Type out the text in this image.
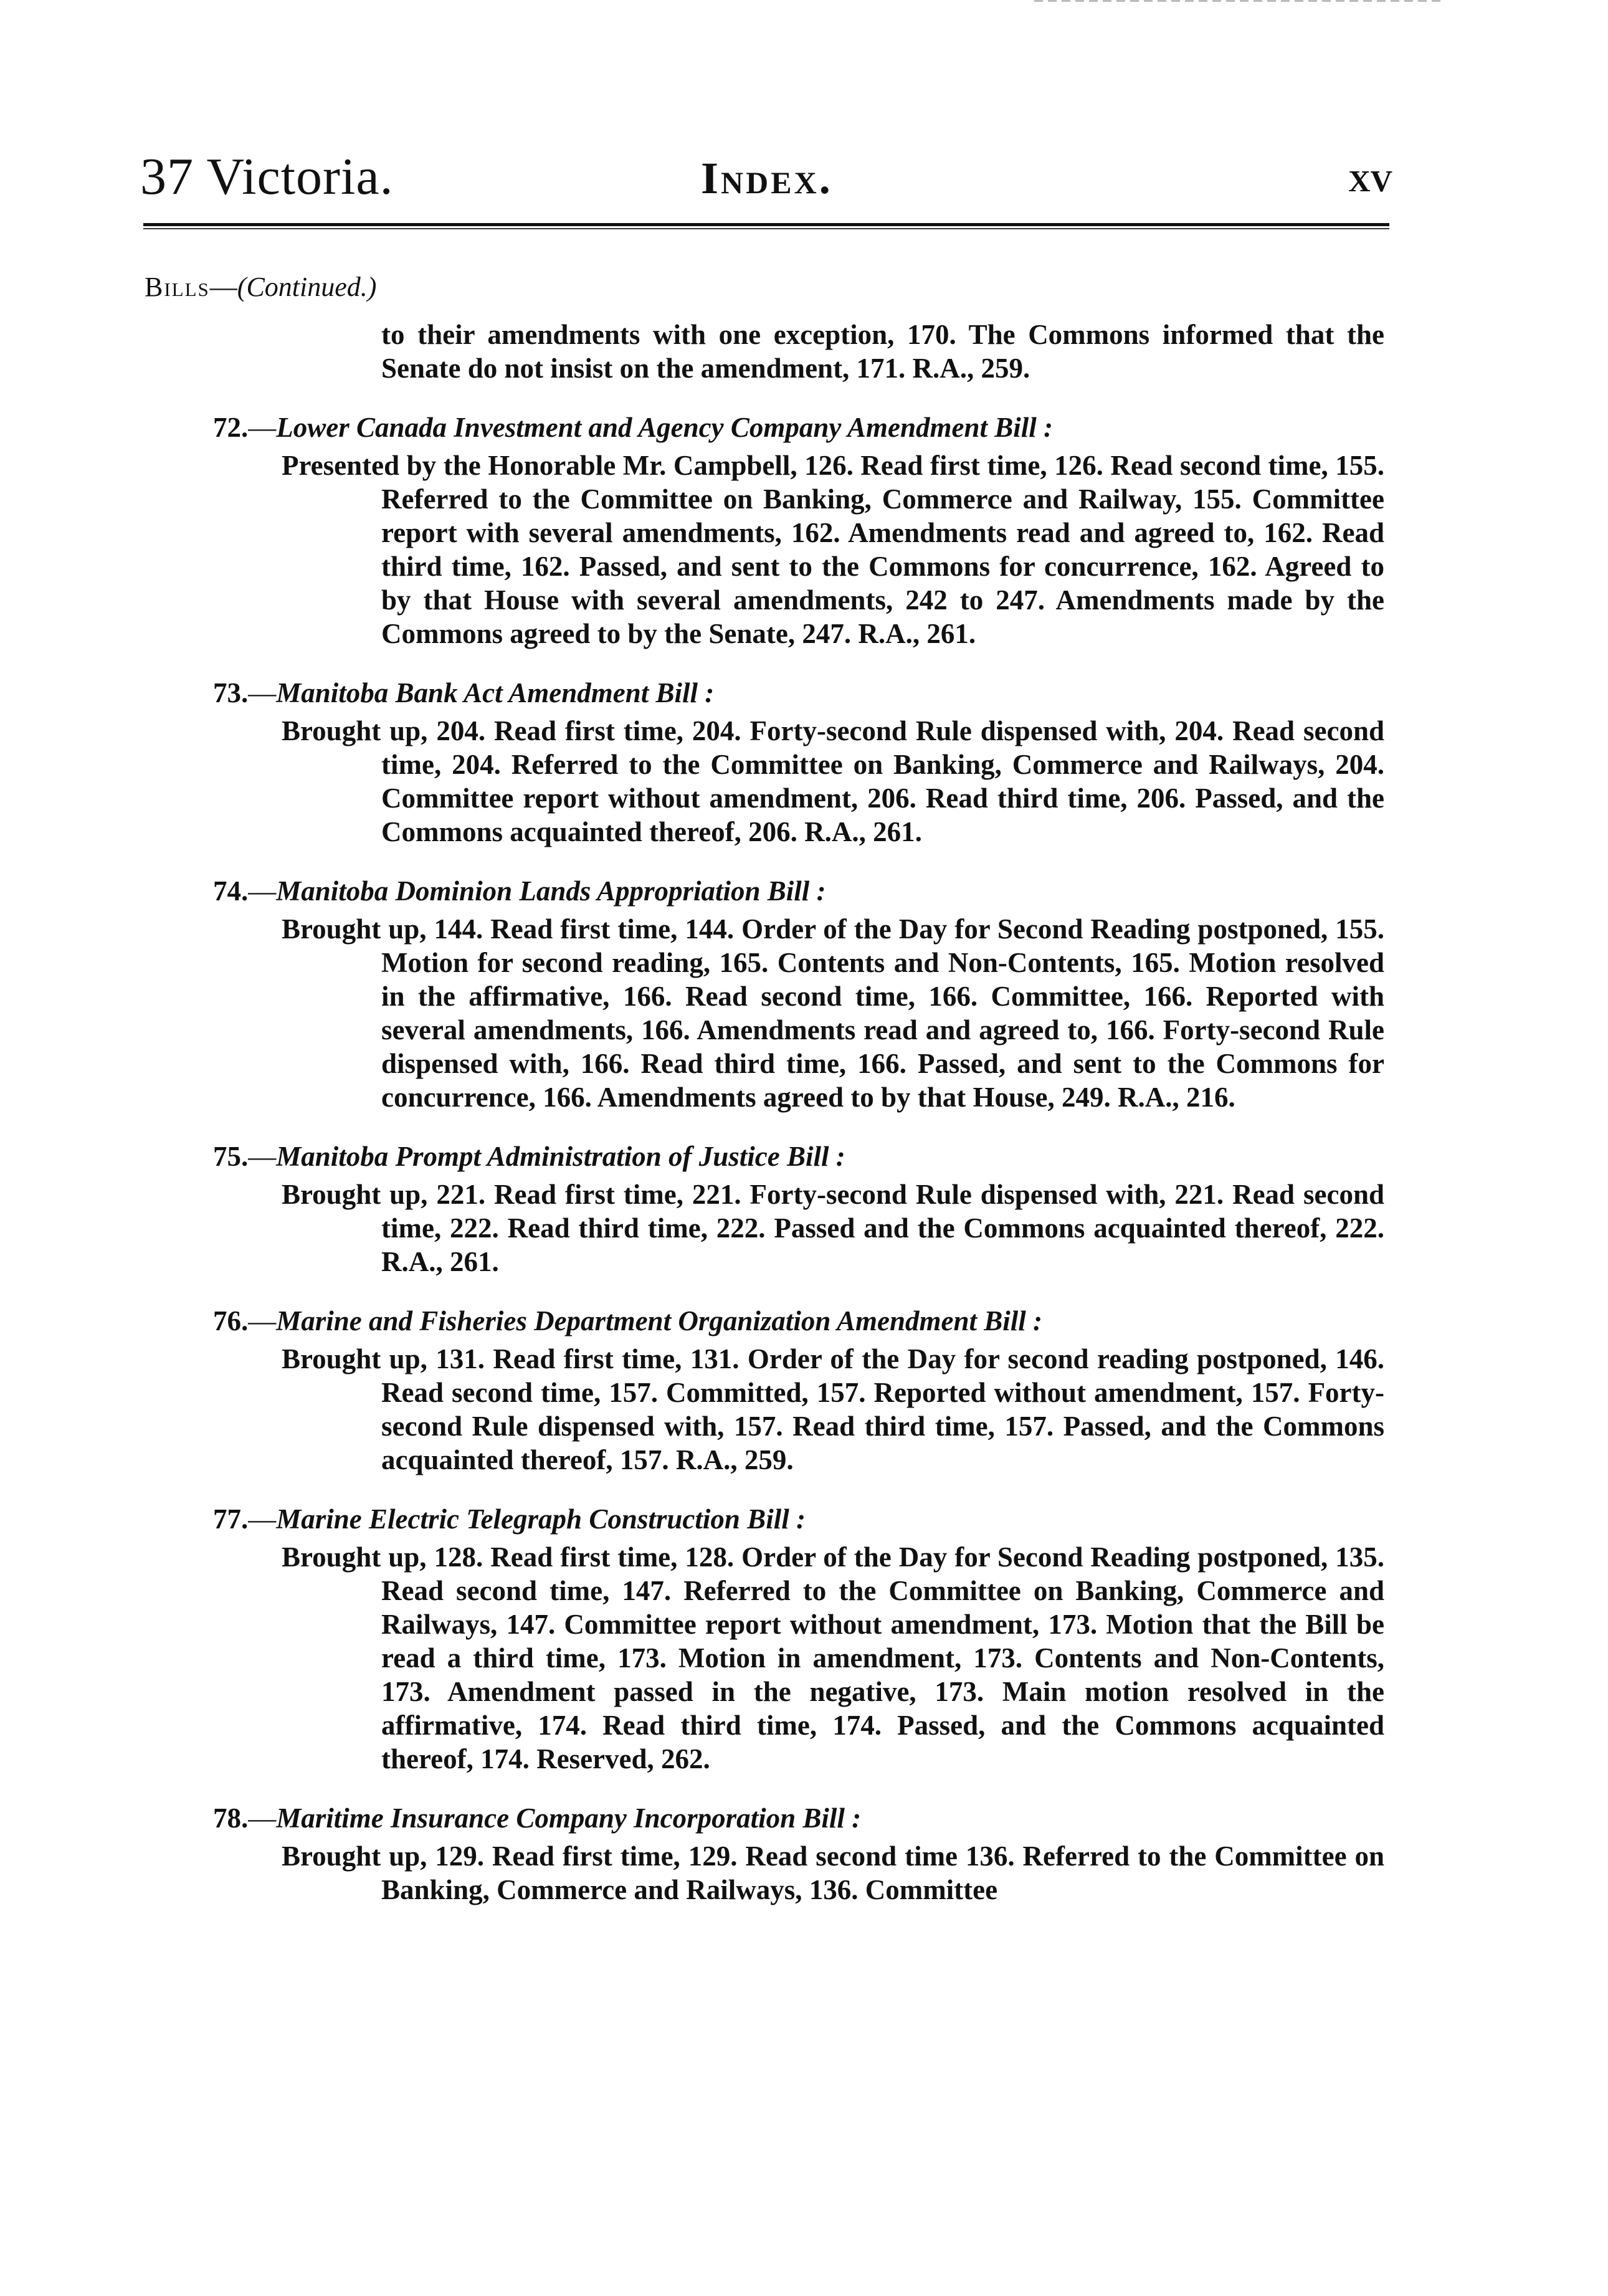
37 Victoria.	Index.	xv
Bills—(Continued.)
to their amendments with one exception, 170. The Commons informed that the Senate do not insist on the amendment, 171. R.A., 259.
72.—Lower Canada Investment and Agency Company Amendment Bill :
Presented by the Honorable Mr. Campbell, 126. Read first time, 126. Read second time, 155. Referred to the Committee on Banking, Commerce and Railway, 155. Committee report with several amendments, 162. Amendments read and agreed to, 162. Read third time, 162. Passed, and sent to the Commons for concurrence, 162. Agreed to by that House with several amendments, 242 to 247. Amendments made by the Commons agreed to by the Senate, 247. R.A., 261.
73.—Manitoba Bank Act Amendment Bill :
Brought up, 204. Read first time, 204. Forty-second Rule dispensed with, 204. Read second time, 204. Referred to the Committee on Banking, Commerce and Railways, 204. Committee report without amendment, 206. Read third time, 206. Passed, and the Commons acquainted thereof, 206. R.A., 261.
74.—Manitoba Dominion Lands Appropriation Bill :
Brought up, 144. Read first time, 144. Order of the Day for Second Reading postponed, 155. Motion for second reading, 165. Contents and Non-Contents, 165. Motion resolved in the affirmative, 166. Read second time, 166. Committee, 166. Reported with several amendments, 166. Amendments read and agreed to, 166. Forty-second Rule dispensed with, 166. Read third time, 166. Passed, and sent to the Commons for concurrence, 166. Amendments agreed to by that House, 249. R.A., 216.
75.—Manitoba Prompt Administration of Justice Bill :
Brought up, 221. Read first time, 221. Forty-second Rule dispensed with, 221. Read second time, 222. Read third time, 222. Passed and the Commons acquainted thereof, 222. R.A., 261.
76.—Marine and Fisheries Department Organization Amendment Bill :
Brought up, 131. Read first time, 131. Order of the Day for second reading postponed, 146. Read second time, 157. Committed, 157. Reported without amendment, 157. Forty-second Rule dispensed with, 157. Read third time, 157. Passed, and the Commons acquainted thereof, 157. R.A., 259.
77.—Marine Electric Telegraph Construction Bill :
Brought up, 128. Read first time, 128. Order of the Day for Second Reading postponed, 135. Read second time, 147. Referred to the Committee on Banking, Commerce and Railways, 147. Committee report without amendment, 173. Motion that the Bill be read a third time, 173. Motion in amendment, 173. Contents and Non-Contents, 173. Amendment passed in the negative, 173. Main motion resolved in the affirmative, 174. Read third time, 174. Passed, and the Commons acquainted thereof, 174. Reserved, 262.
78.—Maritime Insurance Company Incorporation Bill :
Brought up, 129. Read first time, 129. Read second time 136. Referred to the Committee on Banking, Commerce and Railways, 136. Committee
